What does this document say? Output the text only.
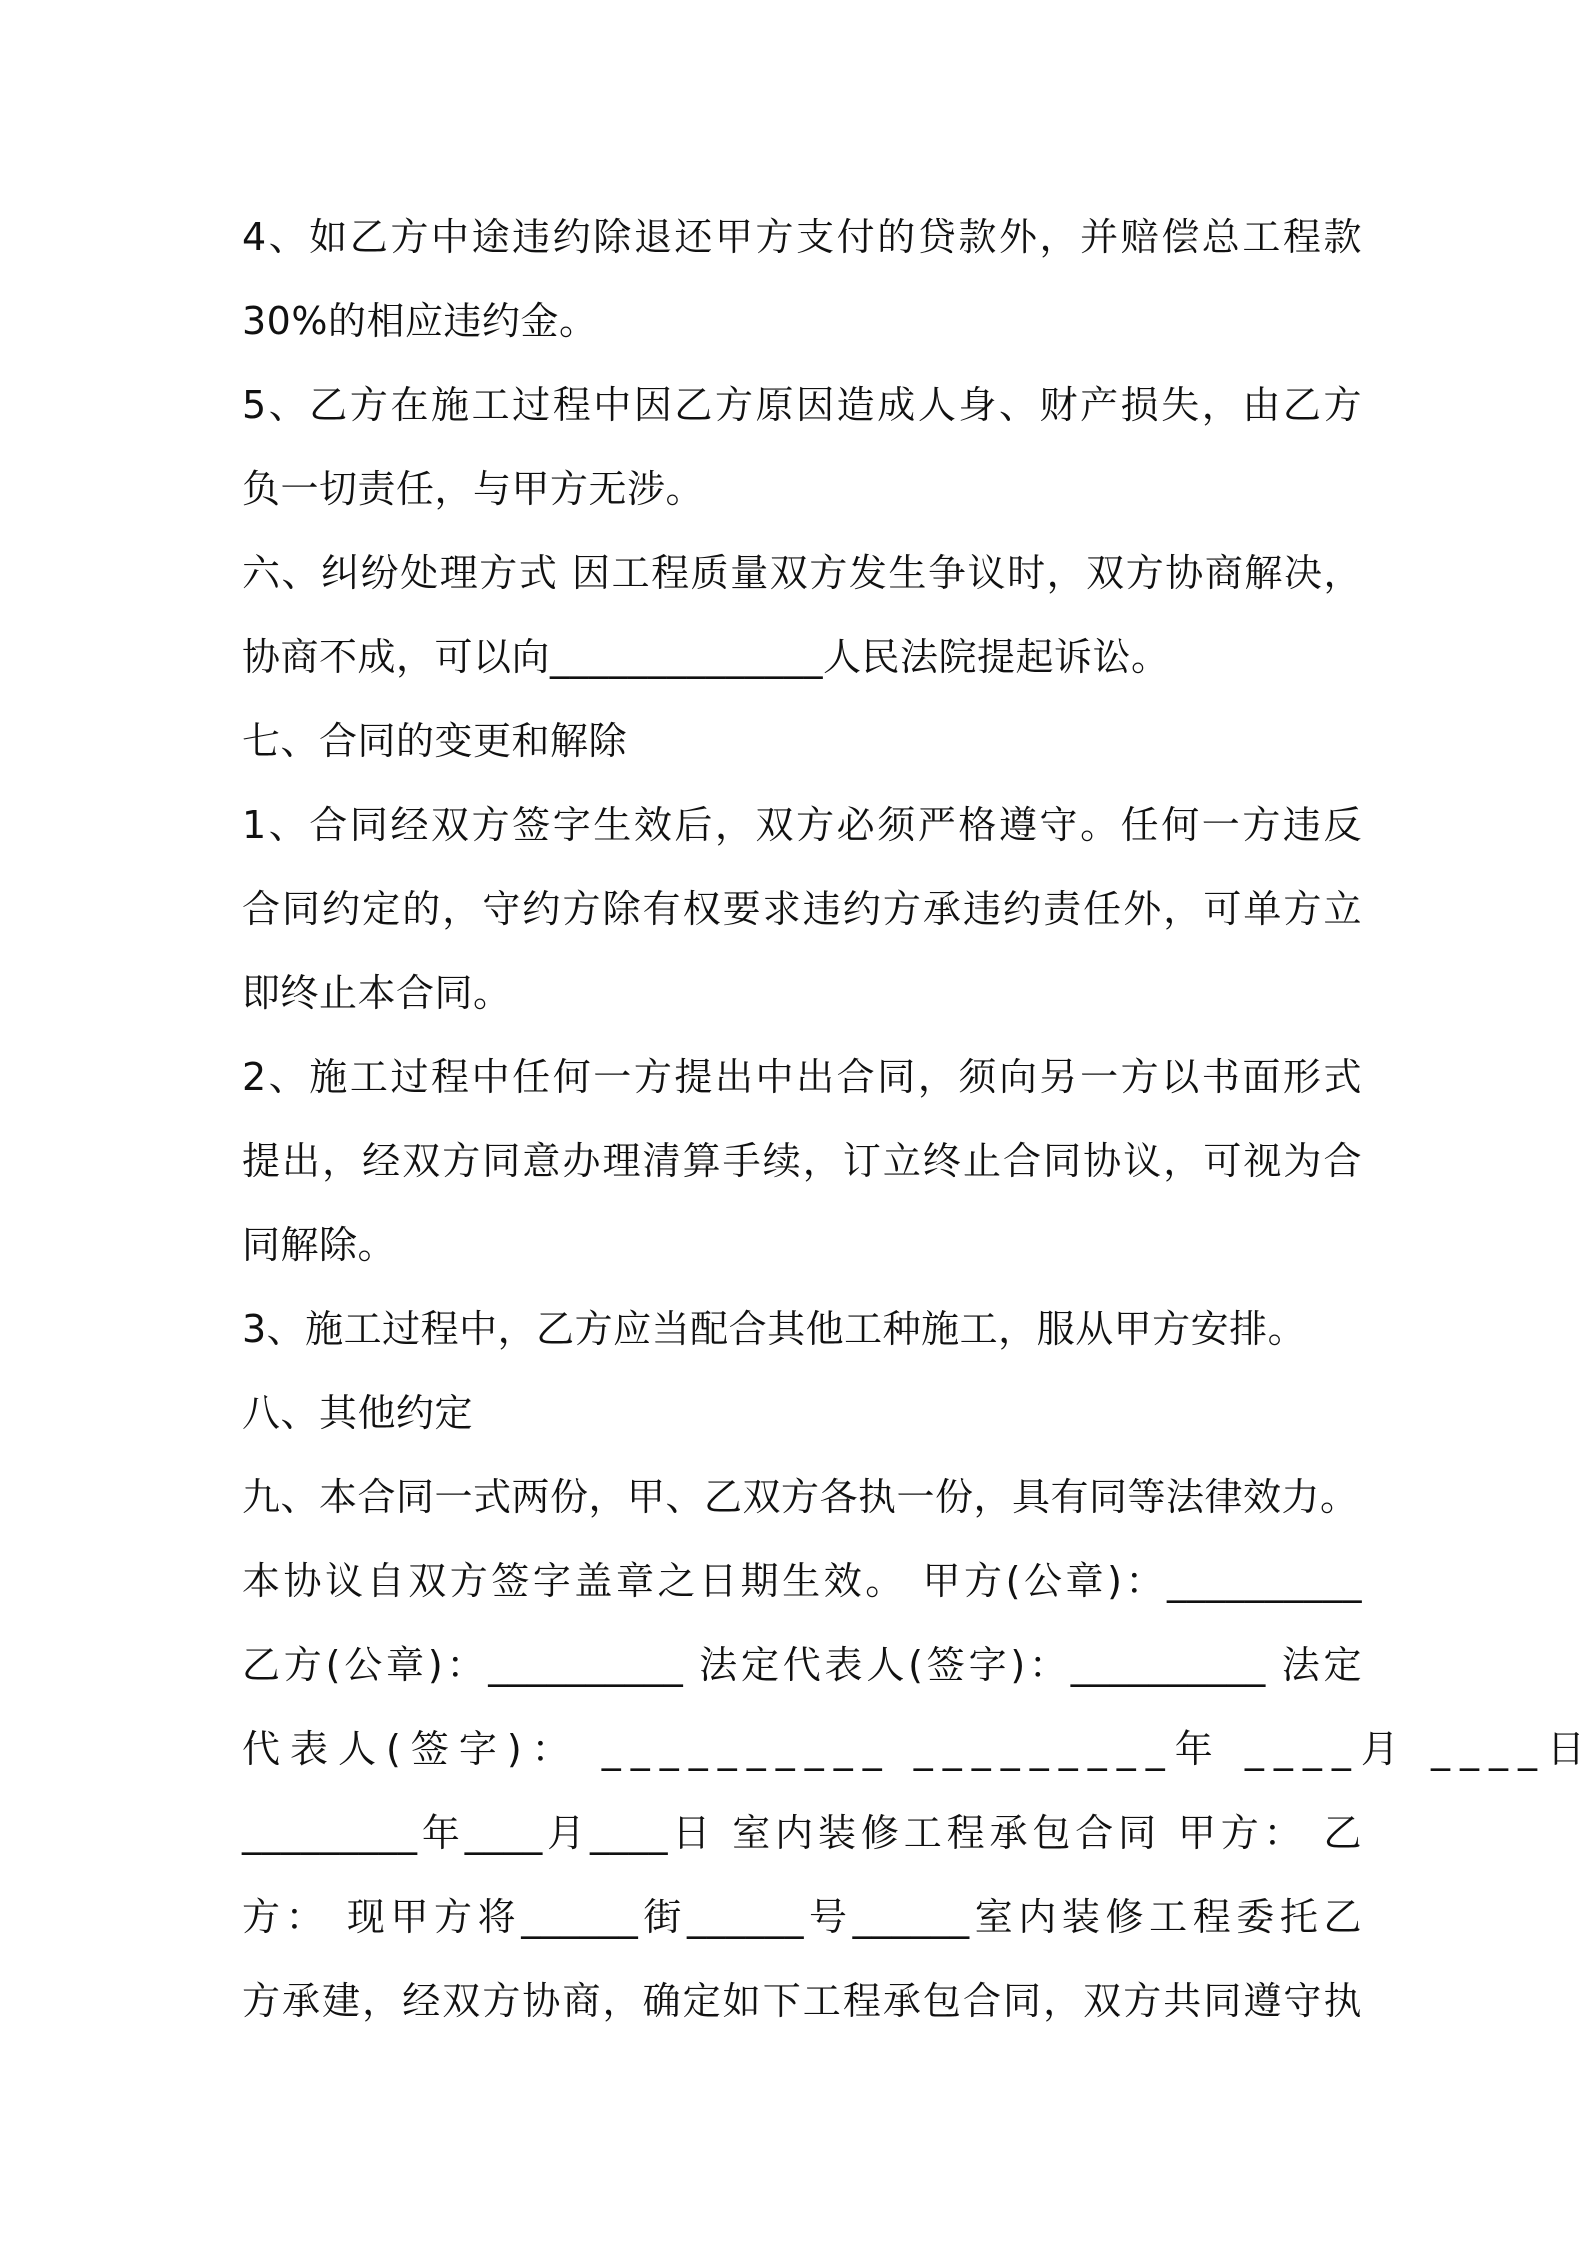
4、如乙方中途违约除退还甲方支付的贷款外，并赔偿总工程款
30%的相应违约金。
5、乙方在施工过程中因乙方原因造成人身、财产损失，由乙方
负一切责任，与甲方无涉。
六、纠纷处理方式 因工程质量双方发生争议时，双方协商解决，
协商不成，可以向______________人民法院提起诉讼。
七、合同的变更和解除
1、合同经双方签字生效后，双方必须严格遵守。任何一方违反
合同约定的，守约方除有权要求违约方承违约责任外，可单方立
即终止本合同。
2、施工过程中任何一方提出中出合同，须向另一方以书面形式
提出，经双方同意办理清算手续，订立终止合同协议，可视为合
同解除。
3、施工过程中，乙方应当配合其他工种施工，服从甲方安排。
八、其他约定
九、本合同一式两份，甲、乙双方各执一份，具有同等法律效力。
本协议自双方签字盖章之日期生效。 甲方(公章)：__________
乙方(公章)：__________ 法定代表人(签字)：__________ 法定
代表人(签字)： __________ _________年 ____月 ____日
_________年____月____日 室内装修工程承包合同 甲方： 乙
方： 现甲方将______街______号______室内装修工程委托乙
方承建，经双方协商，确定如下工程承包合同，双方共同遵守执
